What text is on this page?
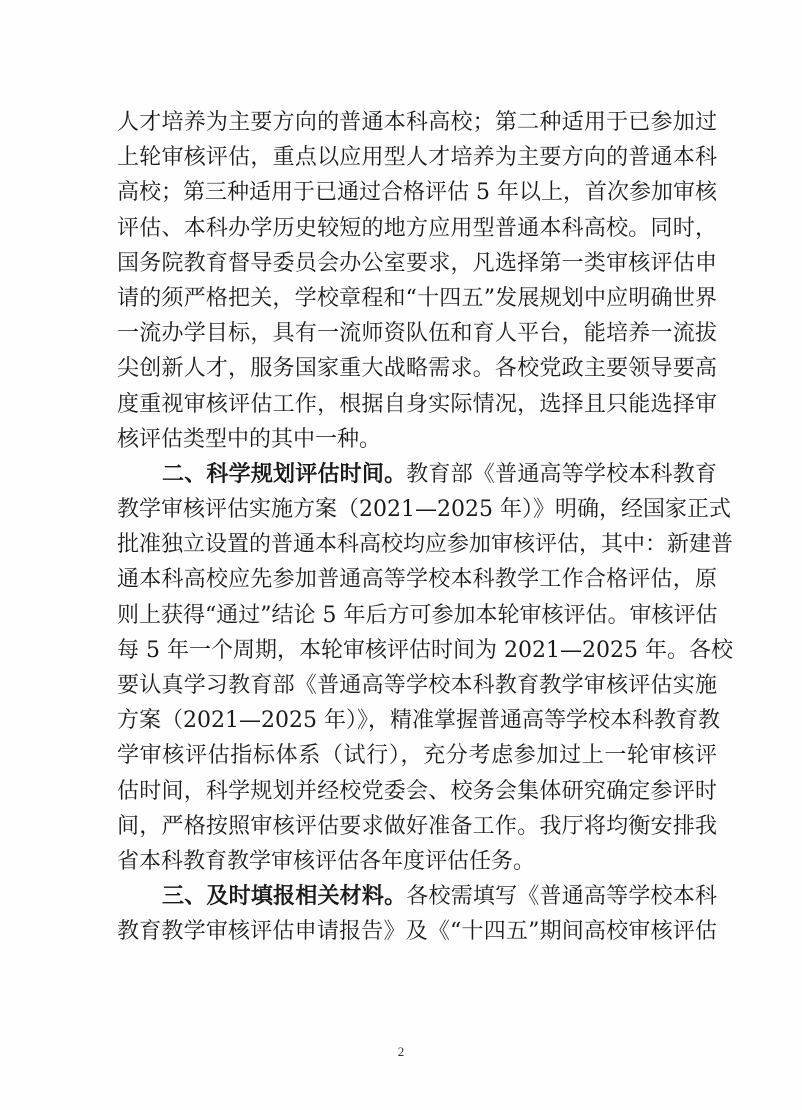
人才培养为主要方向的普通本科高校；第二种适用于已参加过
上轮审核评估，重点以应用型人才培养为主要方向的普通本科
高校；第三种适用于已通过合格评估 5 年以上，首次参加审核
评估、本科办学历史较短的地方应用型普通本科高校。同时，
国务院教育督导委员会办公室要求，凡选择第一类审核评估申
请的须严格把关，学校章程和“十四五”发展规划中应明确世界
一流办学目标，具有一流师资队伍和育人平台，能培养一流拔
尖创新人才，服务国家重大战略需求。各校党政主要领导要高
度重视审核评估工作，根据自身实际情况，选择且只能选择审
核评估类型中的其中一种。
二、科学规划评估时间。教育部《普通高等学校本科教育
教学审核评估实施方案（2021—2025 年）》明确，经国家正式
批准独立设置的普通本科高校均应参加审核评估，其中：新建普
通本科高校应先参加普通高等学校本科教学工作合格评估，原
则上获得“通过”结论 5 年后方可参加本轮审核评估。审核评估
每 5 年一个周期，本轮审核评估时间为 2021—2025 年。各校
要认真学习教育部《普通高等学校本科教育教学审核评估实施
方案（2021—2025 年）》，精准掌握普通高等学校本科教育教
学审核评估指标体系（试行），充分考虑参加过上一轮审核评
估时间，科学规划并经校党委会、校务会集体研究确定参评时
间，严格按照审核评估要求做好准备工作。我厅将均衡安排我
省本科教育教学审核评估各年度评估任务。
三、及时填报相关材料。各校需填写《普通高等学校本科
教育教学审核评估申请报告》及《“十四五”期间高校审核评估
2
